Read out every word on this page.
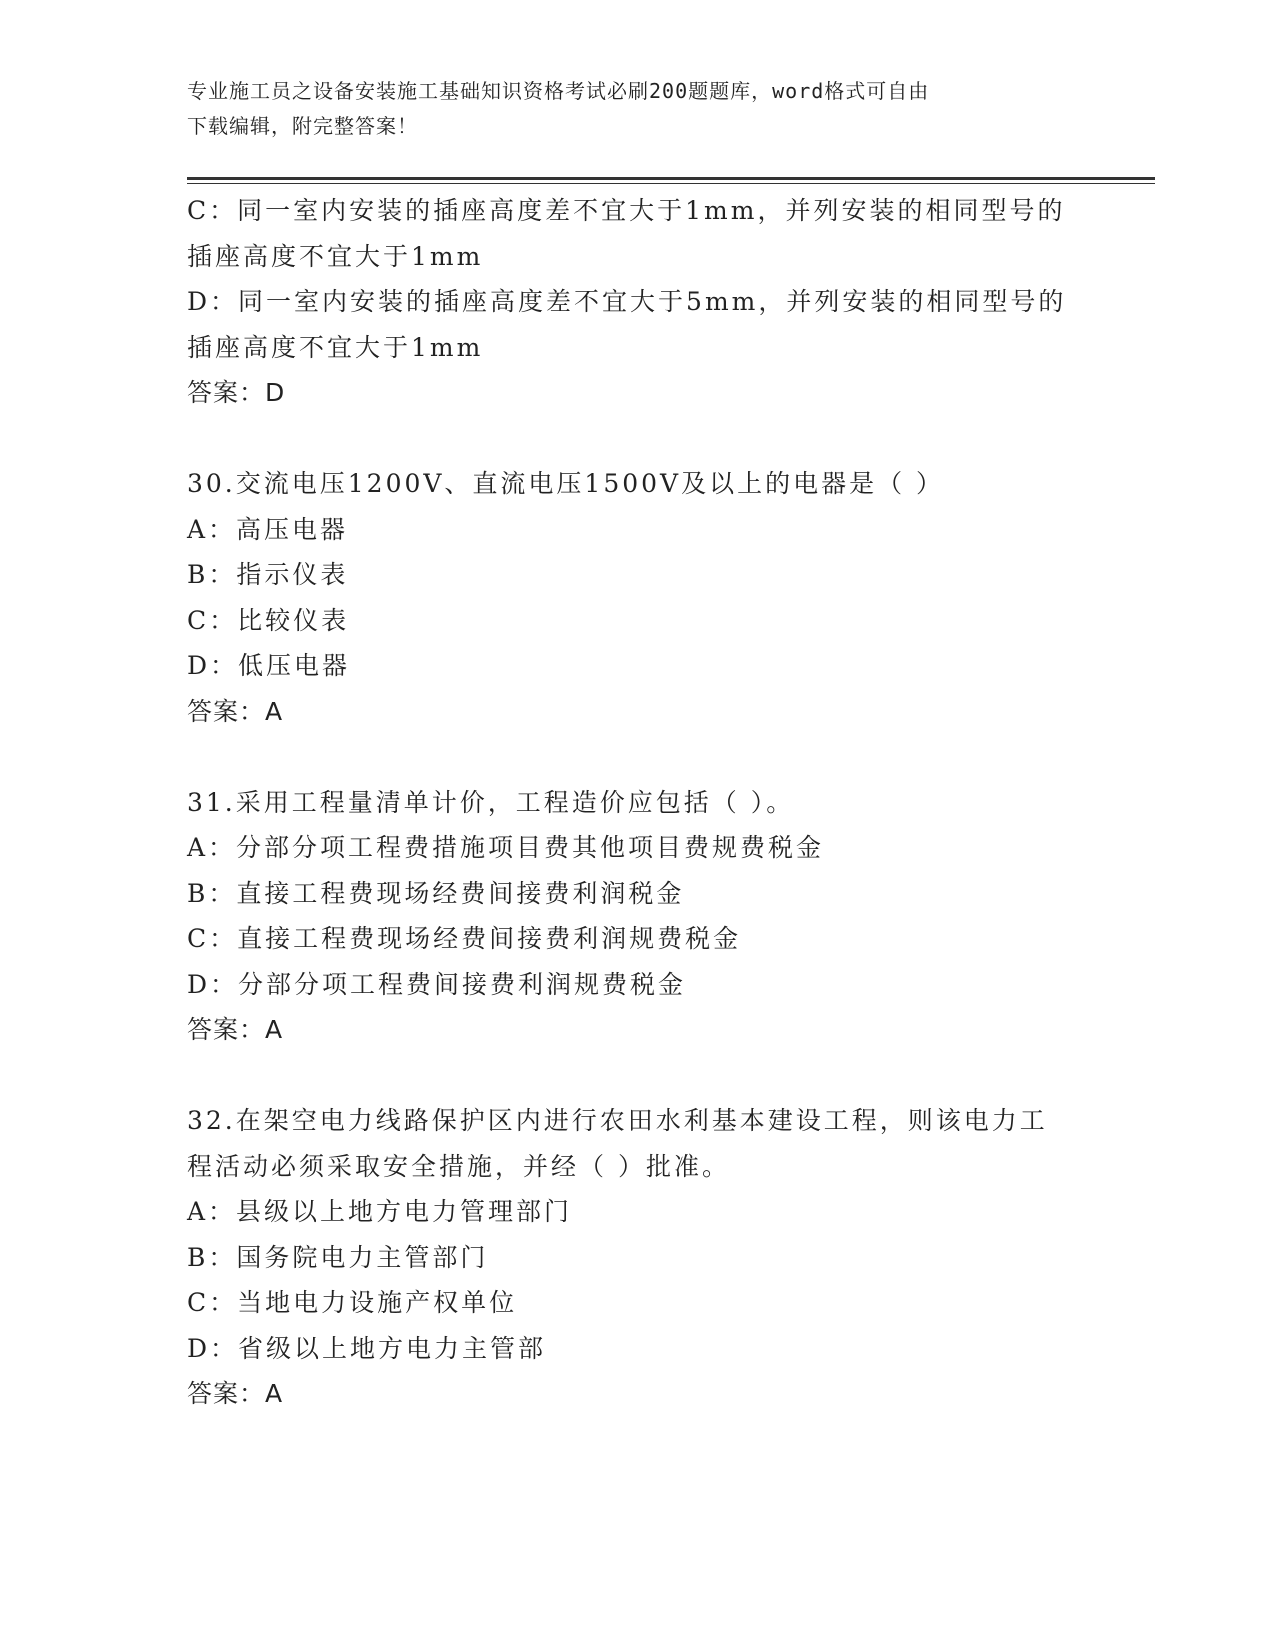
专业施工员之设备安装施工基础知识资格考试必刷200题题库，word格式可自由
下载编辑，附完整答案！
C：同一室内安装的插座高度差不宜大于1mm，并列安装的相同型号的
插座高度不宜大于1mm
D：同一室内安装的插座高度差不宜大于5mm，并列安装的相同型号的
插座高度不宜大于1mm
答案：D
30.交流电压1200V、直流电压1500V及以上的电器是（ ）
A：高压电器
B：指示仪表
C：比较仪表
D：低压电器
答案：A
31.采用工程量清单计价，工程造价应包括（ ）。
A：分部分项工程费措施项目费其他项目费规费税金
B：直接工程费现场经费间接费利润税金
C：直接工程费现场经费间接费利润规费税金
D：分部分项工程费间接费利润规费税金
答案：A
32.在架空电力线路保护区内进行农田水利基本建设工程，则该电力工
程活动必须采取安全措施，并经（ ）批准。
A：县级以上地方电力管理部门
B：国务院电力主管部门
C：当地电力设施产权单位
D：省级以上地方电力主管部
答案：A
